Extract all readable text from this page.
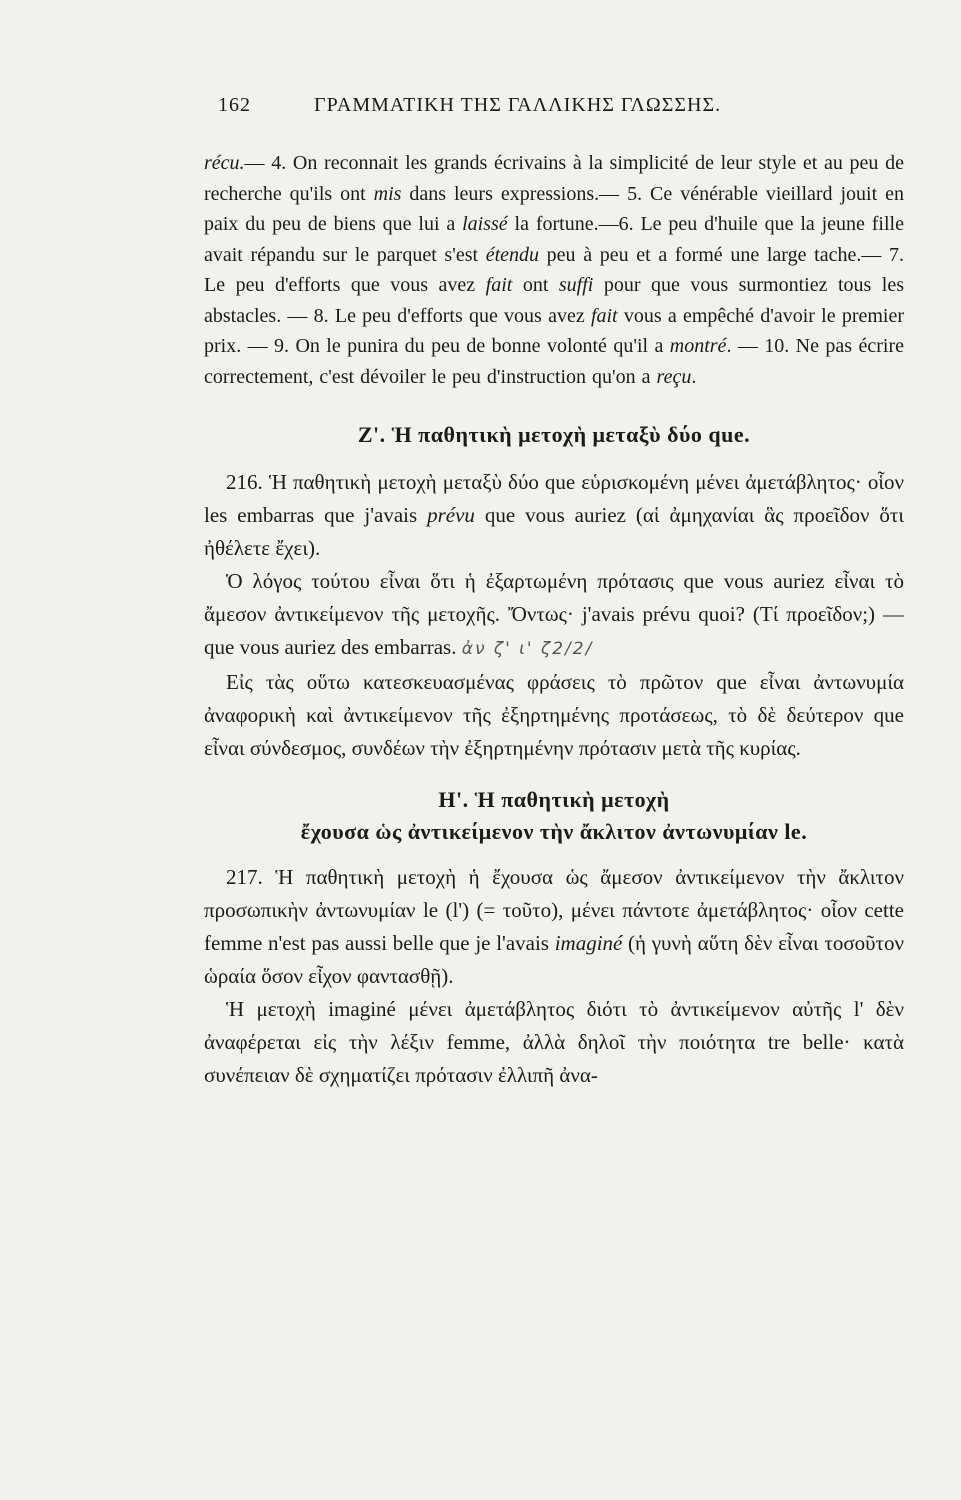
162	ΓΡΑΜΜΑΤΙΚΗ ΤΗΣ ΓΑΛΛΙΚΗΣ ΓΛΩΣΣΗΣ.

récu.— 4. On reconnait les grands écrivains à la simplicité de leur style et au peu de recherche qu'ils ont mis dans leurs expressions.— 5. Ce vénérable vieillard jouit en paix du peu de biens que lui a laissé la fortune.—6. Le peu d'huile que la jeune fille avait répandu sur le parquet s'est étendu peu à peu et a formé une large tache.— 7. Le peu d'efforts que vous avez fait ont suffi pour que vous surmontiez tous les abstacles. — 8. Le peu d'efforts que vous avez fait vous a empêché d'avoir le premier prix. — 9. On le punira du peu de bonne volonté qu'il a montré. — 10. Ne pas écrire correctement, c'est dévoiler le peu d'instruction qu'on a reçu.

Ζ'. Ἡ παθητικὴ μετοχὴ μεταξὺ δύο que.

216. Ἡ παθητικὴ μετοχὴ μεταξὺ δύο que εὑρισκομένη μένει ἀμετάβλητος· οἷον les embarras que j'avais prévu que vous auriez (αἱ ἀμηχανίαι ἃς προεῖδον ὅτι ἠθέλετε ἔχει).

Ὁ λόγος τούτου εἶναι ὅτι ἡ ἐξαρτωμένη πρότασις que vous auriez εἶναι τὸ ἄμεσον ἀντικείμενον τῆς μετοχῆς. Ὄντως· j'avais prévu quoi? (Τί προεῖδον;) — que vous auriez des embarras. ἀν ζ' ι' ζ2/2/

Εἰς τὰς οὕτω κατεσκευασμένας φράσεις τὸ πρῶτον que εἶναι ἀντωνυμία ἀναφορικὴ καὶ ἀντικείμενον τῆς ἐξηρτημένης προτάσεως, τὸ δὲ δεύτερον que εἶναι σύνδεσμος, συνδέων τὴν ἐξηρτημένην πρότασιν μετὰ τῆς κυρίας.

Η'. Ἡ παθητικὴ μετοχὴ

ἔχουσα ὡς ἀντικείμενον τὴν ἄκλιτον ἀντωνυμίαν le.

217. Ἡ παθητικὴ μετοχὴ ἡ ἔχουσα ὡς ἄμεσον ἀντικείμενον τὴν ἄκλιτον προσωπικὴν ἀντωνυμίαν le (l') (= τοῦτο), μένει πάντοτε ἀμετάβλητος· οἷον cette femme n'est pas aussi belle que je l'avais imaginé (ἡ γυνὴ αὕτη δὲν εἶναι τοσοῦτον ὡραία ὅσον εἶχον φαντασθῇ).

Ἡ μετοχὴ imaginé μένει ἀμετάβλητος διότι τὸ ἀντικείμενον αὐτῆς l' δὲν ἀναφέρεται εἰς τὴν λέξιν femme, ἀλλὰ δηλοῖ τὴν ποιότητα tre belle· κατὰ συνέπειαν δὲ σχηματίζει πρότασιν ἐλλιπῆ ἀνα-
